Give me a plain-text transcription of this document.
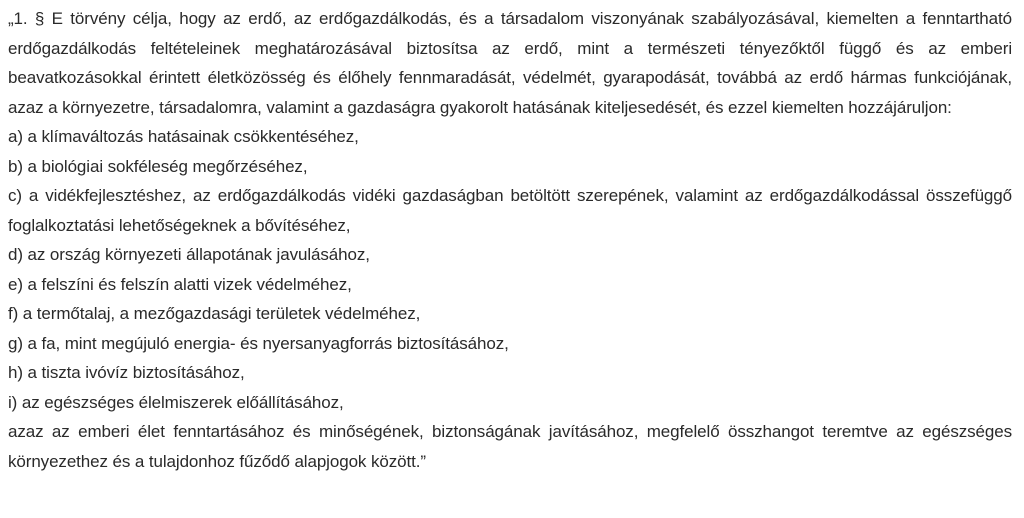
„1. § E törvény célja, hogy az erdő, az erdőgazdálkodás, és a társadalom viszonyának szabályozásával, kiemelten a fenntartható erdőgazdálkodás feltételeinek meghatározásával biztosítsa az erdő, mint a természeti tényezőktől függő és az emberi beavatkozásokkal érintett életközösség és élőhely fennmaradását, védelmét, gyarapodását, továbbá az erdő hármas funkciójának, azaz a környezetre, társadalomra, valamint a gazdaságra gyakorolt hatásának kiteljesedését, és ezzel kiemelten hozzájáruljon:

a) a klímaváltozás hatásainak csökkentéséhez,
b) a biológiai sokféleség megőrzéséhez,
c) a vidékfejlesztéshez, az erdőgazdálkodás vidéki gazdaságban betöltött szerepének, valamint az erdőgazdálkodással összefüggő foglalkoztatási lehetőségeknek a bővítéséhez,
d) az ország környezeti állapotának javulásához,
e) a felszíni és felszín alatti vizek védelméhez,
f) a termőtalaj, a mezőgazdasági területek védelméhez,
g) a fa, mint megújuló energia- és nyersanyagforrás biztosításához,
h) a tiszta ivóvíz biztosításához,
i) az egészséges élelmiszerek előállításához,

azaz az emberi élet fenntartásához és minőségének, biztonságának javításához, megfelelő összhangot teremtve az egészséges környezethez és a tulajdonhoz fűződő alapjogok között.”
